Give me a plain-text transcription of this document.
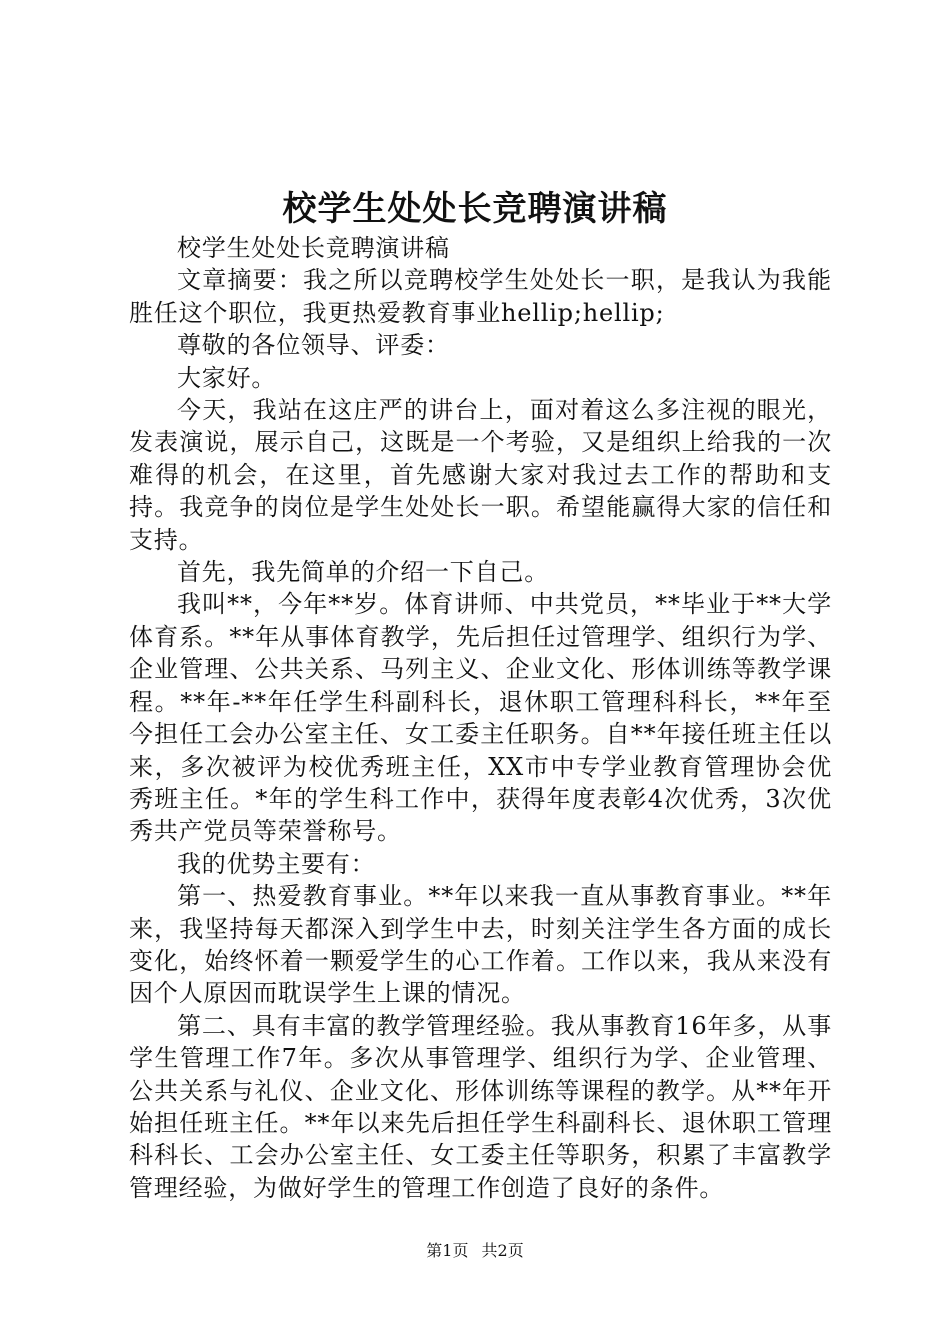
校学生处处长竞聘演讲稿

校学生处处长竞聘演讲稿

文章摘要：我之所以竞聘校学生处处长一职，是我认为我能胜任这个职位，我更热爱教育事业hellip;hellip;

尊敬的各位领导、评委：

大家好。

今天，我站在这庄严的讲台上，面对着这么多注视的眼光，发表演说，展示自己，这既是一个考验，又是组织上给我的一次难得的机会，在这里，首先感谢大家对我过去工作的帮助和支持。我竞争的岗位是学生处处长一职。希望能赢得大家的信任和支持。

首先，我先简单的介绍一下自己。

我叫**，今年**岁。体育讲师、中共党员，**毕业于**大学体育系。**年从事体育教学，先后担任过管理学、组织行为学、企业管理、公共关系、马列主义、企业文化、形体训练等教学课程。**年-**年任学生科副科长，退休职工管理科科长，**年至今担任工会办公室主任、女工委主任职务。自**年接任班主任以来，多次被评为校优秀班主任，XX市中专学业教育管理协会优秀班主任。*年的学生科工作中，获得年度表彰4次优秀，3次优秀共产党员等荣誉称号。

我的优势主要有：

第一、热爱教育事业。**年以来我一直从事教育事业。**年来，我坚持每天都深入到学生中去，时刻关注学生各方面的成长变化，始终怀着一颗爱学生的心工作着。工作以来，我从来没有因个人原因而耽误学生上课的情况。

第二、具有丰富的教学管理经验。我从事教育16年多，从事学生管理工作7年。多次从事管理学、组织行为学、企业管理、公共关系与礼仪、企业文化、形体训练等课程的教学。从**年开始担任班主任。**年以来先后担任学生科副科长、退休职工管理科科长、工会办公室主任、女工委主任等职务，积累了丰富教学管理经验，为做好学生的管理工作创造了良好的条件。

第1页 共2页
